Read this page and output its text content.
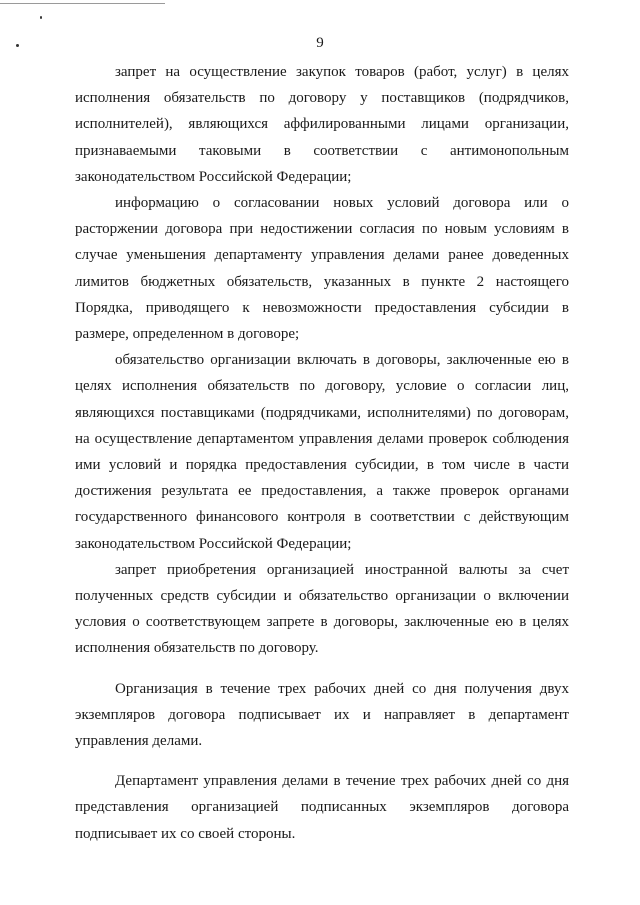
9

запрет на осуществление закупок товаров (работ, услуг) в целях исполнения обязательств по договору у поставщиков (подрядчиков, исполнителей), являющихся аффилированными лицами организации, признаваемыми таковыми в соответствии с антимонопольным законодательством Российской Федерации;

информацию о согласовании новых условий договора или о расторжении договора при недостижении согласия по новым условиям в случае уменьшения департаменту управления делами ранее доведенных лимитов бюджетных обязательств, указанных в пункте 2 настоящего Порядка, приводящего к невозможности предоставления субсидии в размере, определенном в договоре;

обязательство организации включать в договоры, заключенные ею в целях исполнения обязательств по договору, условие о согласии лиц, являющихся поставщиками (подрядчиками, исполнителями) по договорам, на осуществление департаментом управления делами проверок соблюдения ими условий и порядка предоставления субсидии, в том числе в части достижения результата ее предоставления, а также проверок органами государственного финансового контроля в соответствии с действующим законодательством Российской Федерации;

запрет приобретения организацией иностранной валюты за счет полученных средств субсидии и обязательство организации о включении условия о соответствующем запрете в договоры, заключенные ею в целях исполнения обязательств по договору.

Организация в течение трех рабочих дней со дня получения двух экземпляров договора подписывает их и направляет в департамент управления делами.

Департамент управления делами в течение трех рабочих дней со дня представления организацией подписанных экземпляров договора подписывает их со своей стороны.
